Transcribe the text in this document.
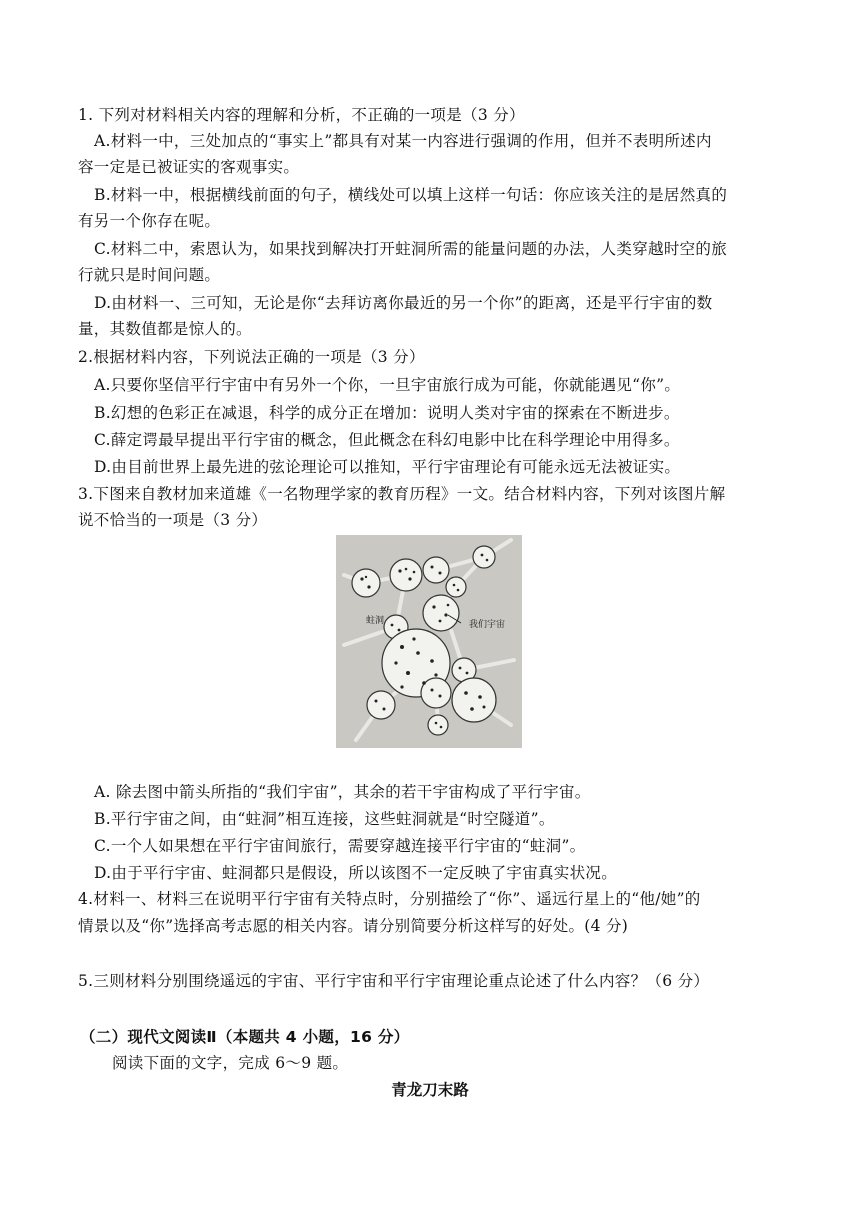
1. 下列对材料相关内容的理解和分析，不正确的一项是（3 分）
A.材料一中，三处加点的“事实上”都具有对某一内容进行强调的作用，但并不表明所述内
容一定是已被证实的客观事实。
B.材料一中，根据横线前面的句子，横线处可以填上这样一句话：你应该关注的是居然真的
有另一个你存在呢。
C.材料二中，索恩认为，如果找到解决打开蛀洞所需的能量问题的办法，人类穿越时空的旅
行就只是时间问题。
D.由材料一、三可知，无论是你“去拜访离你最近的另一个你”的距离，还是平行宇宙的数
量，其数值都是惊人的。
2.根据材料内容，下列说法正确的一项是（3 分）
A.只要你坚信平行宇宙中有另外一个你，一旦宇宙旅行成为可能，你就能遇见“你”。
B.幻想的色彩正在减退，科学的成分正在增加：说明人类对宇宙的探索在不断进步。
C.薛定谔最早提出平行宇宙的概念，但此概念在科幻电影中比在科学理论中用得多。
D.由目前世界上最先进的弦论理论可以推知，平行宇宙理论有可能永远无法被证实。
3.下图来自教材加来道雄《一名物理学家的教育历程》一文。结合材料内容，下列对该图片解
说不恰当的一项是（3 分）
蛀洞	我们宇宙
A. 除去图中箭头所指的“我们宇宙”，其余的若干宇宙构成了平行宇宙。
B.平行宇宙之间，由“蛀洞”相互连接，这些蛀洞就是“时空隧道”。
C.一个人如果想在平行宇宙间旅行，需要穿越连接平行宇宙的“蛀洞”。
D.由于平行宇宙、蛀洞都只是假设，所以该图不一定反映了宇宙真实状况。
4.材料一、材料三在说明平行宇宙有关特点时，分别描绘了“你”、遥远行星上的“他/她”的
情景以及“你”选择高考志愿的相关内容。请分别简要分析这样写的好处。(4 分)
5.三则材料分别围绕遥远的宇宙、平行宇宙和平行宇宙理论重点论述了什么内容？（6 分）
（二）现代文阅读Ⅱ（本题共 4 小题，16 分）
阅读下面的文字，完成 6～9 题。
青龙刀末路
